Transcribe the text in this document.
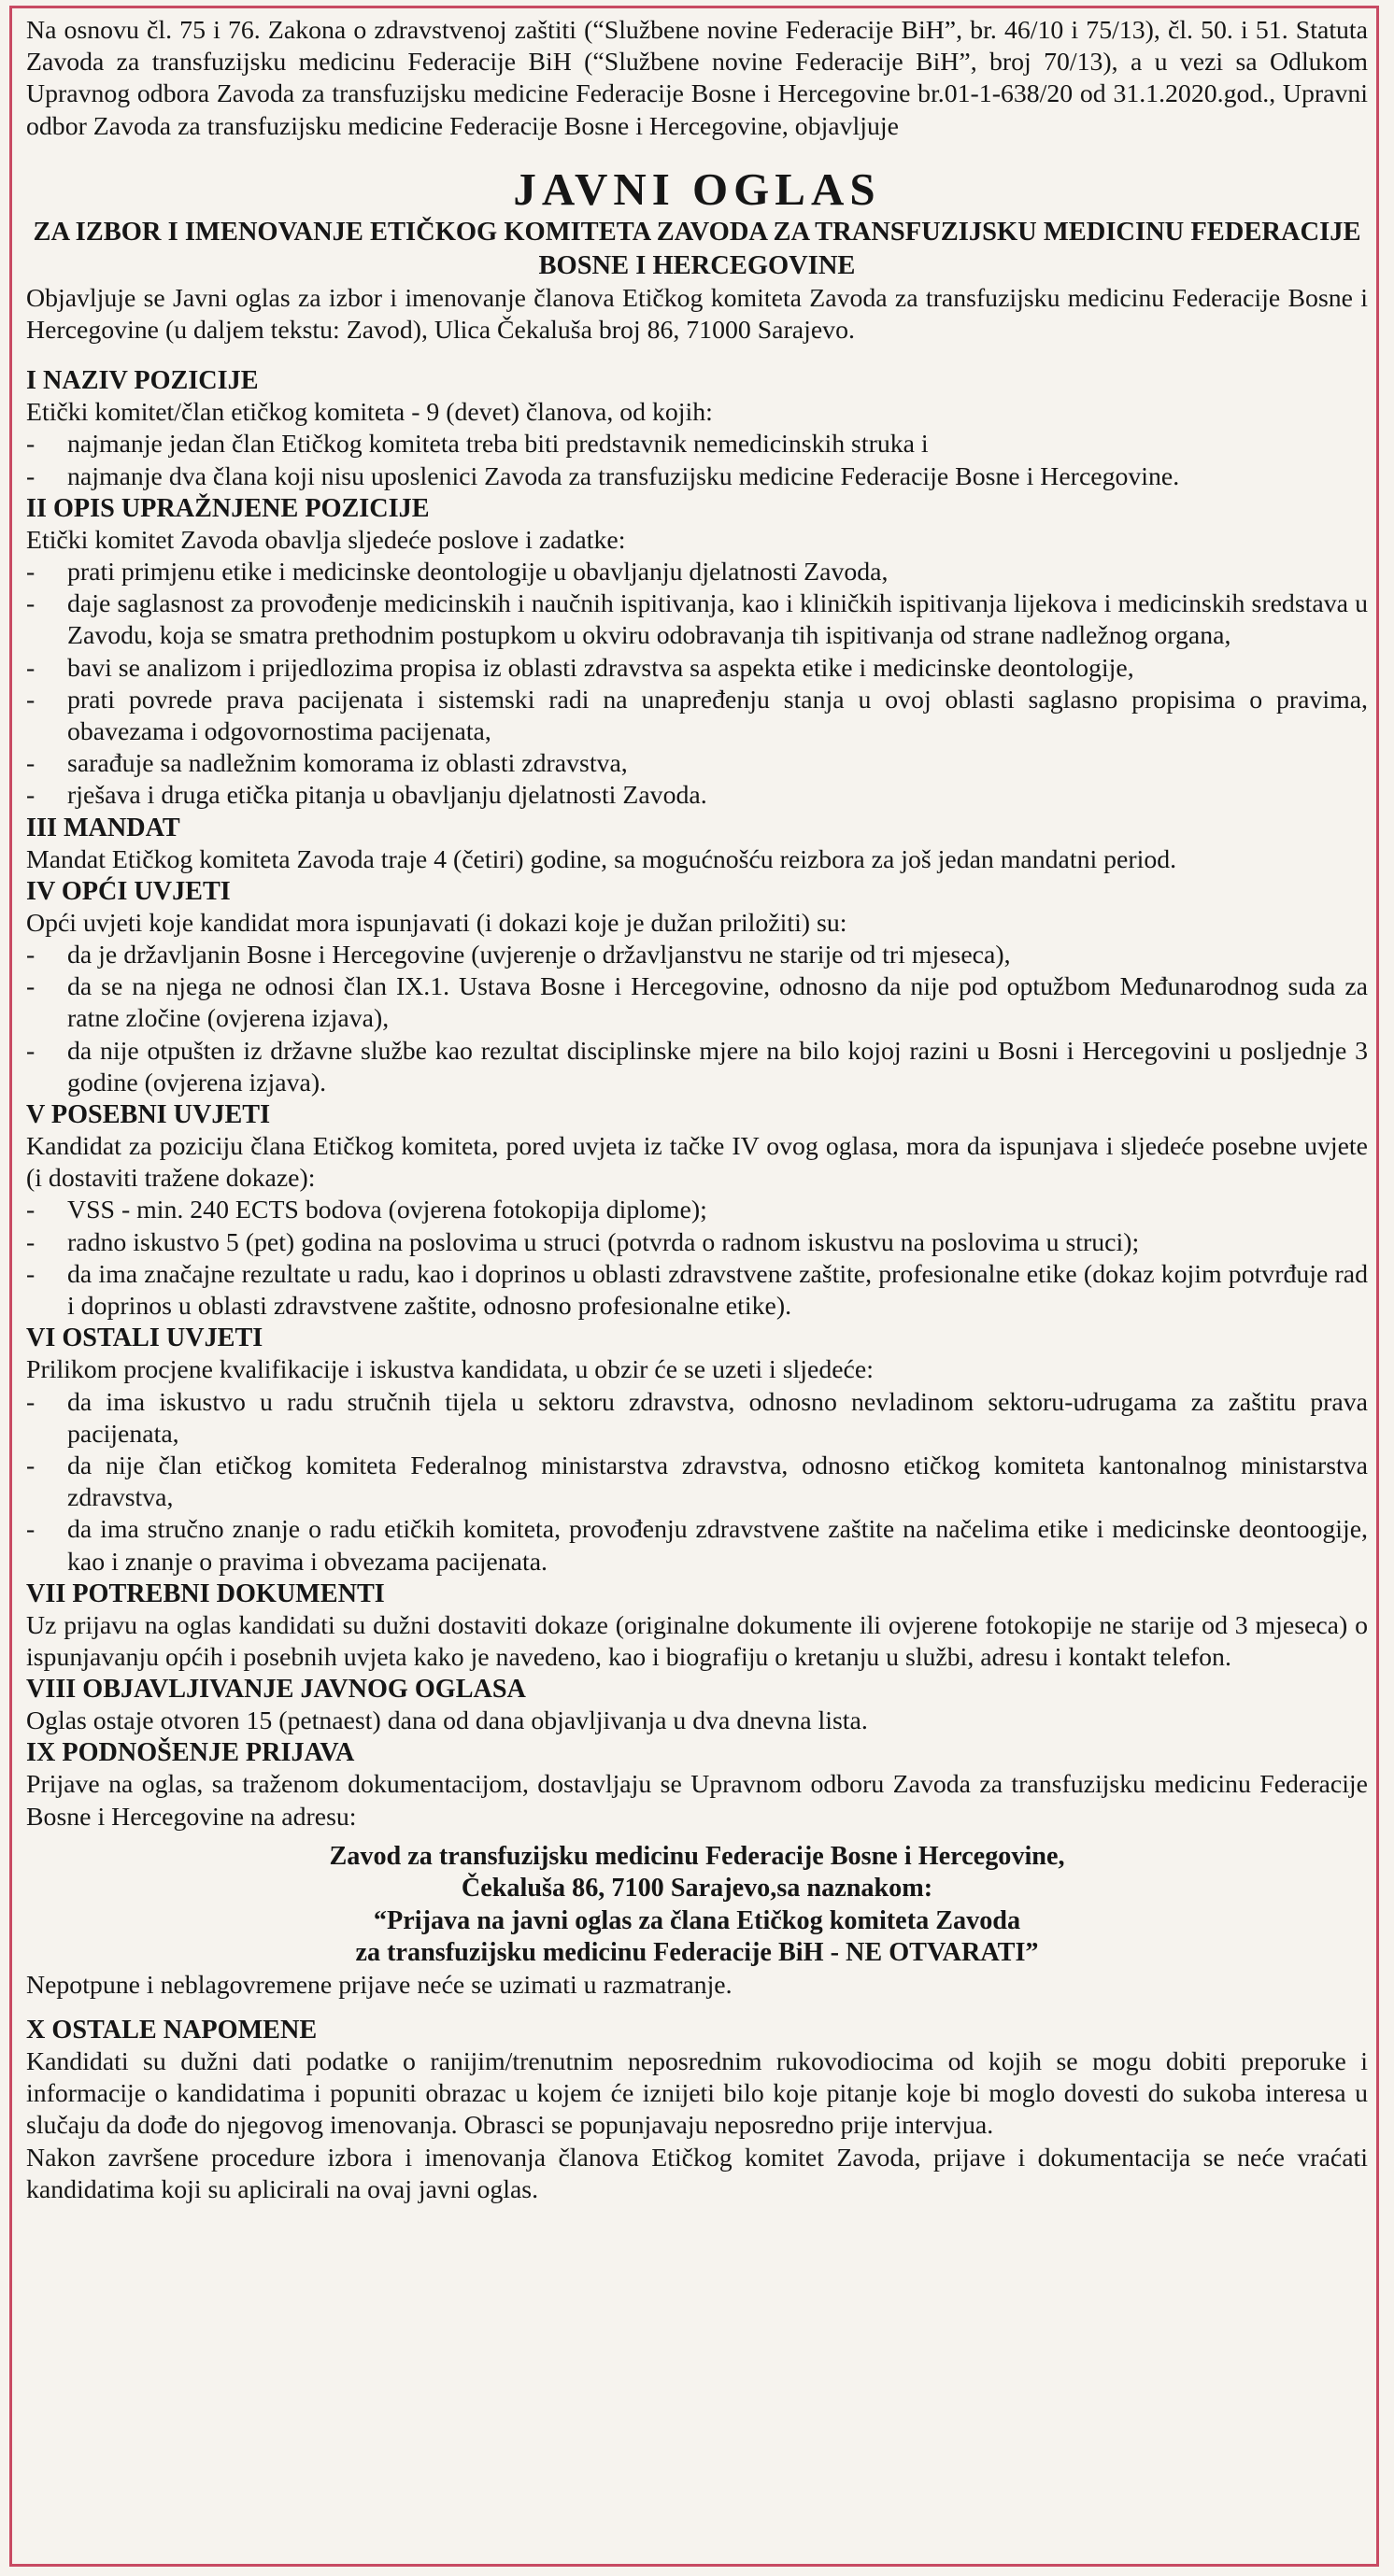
Na osnovu čl. 75 i 76. Zakona o zdravstvenoj zaštiti (“Službene novine Federacije BiH”, br. 46/10 i 75/13), čl. 50. i 51. Statuta Zavoda za transfuzijsku medicinu Federacije BiH (“Službene novine Federacije BiH”, broj 70/13), a u vezi sa Odlukom Upravnog odbora Zavoda za transfuzijsku medicine Federacije Bosne i Hercegovine br.01-1-638/20 od 31.1.2020.god., Upravni odbor Zavoda za transfuzijsku medicine Federacije Bosne i Hercegovine, objavljuje

JAVNI OGLAS
ZA IZBOR I IMENOVANJE ETIČKOG KOMITETA ZAVODA ZA TRANSFUZIJSKU MEDICINU FEDERACIJE BOSNE I HERCEGOVINE

Objavljuje se Javni oglas za izbor i imenovanje članova Etičkog komiteta Zavoda za transfuzijsku medicinu Federacije Bosne i Hercegovine (u daljem tekstu: Zavod), Ulica Čekaluša broj 86, 71000 Sarajevo.

I NAZIV POZICIJE

Etički komitet/član etičkog komiteta - 9 (devet) članova, od kojih:

- najmanje jedan član Etičkog komiteta treba biti predstavnik nemedicinskih struka i
- najmanje dva člana koji nisu uposlenici Zavoda za transfuzijsku medicine Federacije Bosne i Hercegovine.
II OPIS UPRAŽNJENE POZICIJE

Etički komitet Zavoda obavlja sljedeće poslove i zadatke:

- prati primjenu etike i medicinske deontologije u obavljanju djelatnosti Zavoda,
- daje saglasnost za provođenje medicinskih i naučnih ispitivanja, kao i kliničkih ispitivanja lijekova i medicinskih sredstava u Zavodu, koja se smatra prethodnim postupkom u okviru odobravanja tih ispitivanja od strane nadležnog organa,
- bavi se analizom i prijedlozima propisa iz oblasti zdravstva sa aspekta etike i medicinske deontologije,
- prati povrede prava pacijenata i sistemski radi na unapređenju stanja u ovoj oblasti saglasno propisima o pravima, obavezama i odgovornostima pacijenata,
- sarađuje sa nadležnim komorama iz oblasti zdravstva,
- rješava i druga etička pitanja u obavljanju djelatnosti Zavoda.
III MANDAT

Mandat Etičkog komiteta Zavoda traje 4 (četiri) godine, sa mogućnošću reizbora za još jedan mandatni period.

IV OPĆI UVJETI

Opći uvjeti koje kandidat mora ispunjavati (i dokazi koje je dužan priložiti) su:

- da je državljanin Bosne i Hercegovine (uvjerenje o državljanstvu ne starije od tri mjeseca),
- da se na njega ne odnosi član IX.1. Ustava Bosne i Hercegovine, odnosno da nije pod optužbom Međunarodnog suda za ratne zločine (ovjerena izjava),
- da nije otpušten iz državne službe kao rezultat disciplinske mjere na bilo kojoj razini u Bosni i Hercegovini u posljednje 3 godine (ovjerena izjava).
V POSEBNI UVJETI

Kandidat za poziciju člana Etičkog komiteta, pored uvjeta iz tačke IV ovog oglasa, mora da ispunjava i sljedeće posebne uvjete (i dostaviti tražene dokaze):

- VSS - min. 240 ECTS bodova (ovjerena fotokopija diplome);
- radno iskustvo 5 (pet) godina na poslovima u struci (potvrda o radnom iskustvu na poslovima u struci);
- da ima značajne rezultate u radu, kao i doprinos u oblasti zdravstvene zaštite, profesionalne etike (dokaz kojim potvrđuje rad i doprinos u oblasti zdravstvene zaštite, odnosno profesionalne etike).
VI OSTALI UVJETI

Prilikom procjene kvalifikacije i iskustva kandidata, u obzir će se uzeti i sljedeće:

- da ima iskustvo u radu stručnih tijela u sektoru zdravstva, odnosno nevladinom sektoru-udrugama za zaštitu prava pacijenata,
- da nije član etičkog komiteta Federalnog ministarstva zdravstva, odnosno etičkog komiteta kantonalnog ministarstva zdravstva,
- da ima stručno znanje o radu etičkih komiteta, provođenju zdravstvene zaštite na načelima etike i medicinske deontoogije, kao i znanje o pravima i obvezama pacijenata.
VII POTREBNI DOKUMENTI

Uz prijavu na oglas kandidati su dužni dostaviti dokaze (originalne dokumente ili ovjerene fotokopije ne starije od 3 mjeseca) o ispunjavanju općih i posebnih uvjeta kako je navedeno, kao i biografiju o kretanju u službi, adresu i kontakt telefon.

VIII OBJAVLJIVANJE JAVNOG OGLASA

Oglas ostaje otvoren 15 (petnaest) dana od dana objavljivanja u dva dnevna lista.

IX PODNOŠENJE PRIJAVA

Prijave na oglas, sa traženom dokumentacijom, dostavljaju se Upravnom odboru Zavoda za transfuzijsku medicinu Federacije Bosne i Hercegovine na adresu:

Zavod za transfuzijsku medicinu Federacije Bosne i Hercegovine,
Čekaluša 86, 7100 Sarajevo,sa naznakom:
“Prijava na javni oglas za člana Etičkog komiteta Zavoda
za transfuzijsku medicinu Federacije BiH - NE OTVARATI”

Nepotpune i neblagovremene prijave neće se uzimati u razmatranje.

X OSTALE NAPOMENE

Kandidati su dužni dati podatke o ranijim/trenutnim neposrednim rukovodiocima od kojih se mogu dobiti preporuke i informacije o kandidatima i popuniti obrazac u kojem će iznijeti bilo koje pitanje koje bi moglo dovesti do sukoba interesa u slučaju da dođe do njegovog imenovanja. Obrasci se popunjavaju neposredno prije intervjua.

Nakon završene procedure izbora i imenovanja članova Etičkog komitet Zavoda, prijave i dokumentacija se neće vraćati kandidatima koji su aplicirali na ovaj javni oglas.
